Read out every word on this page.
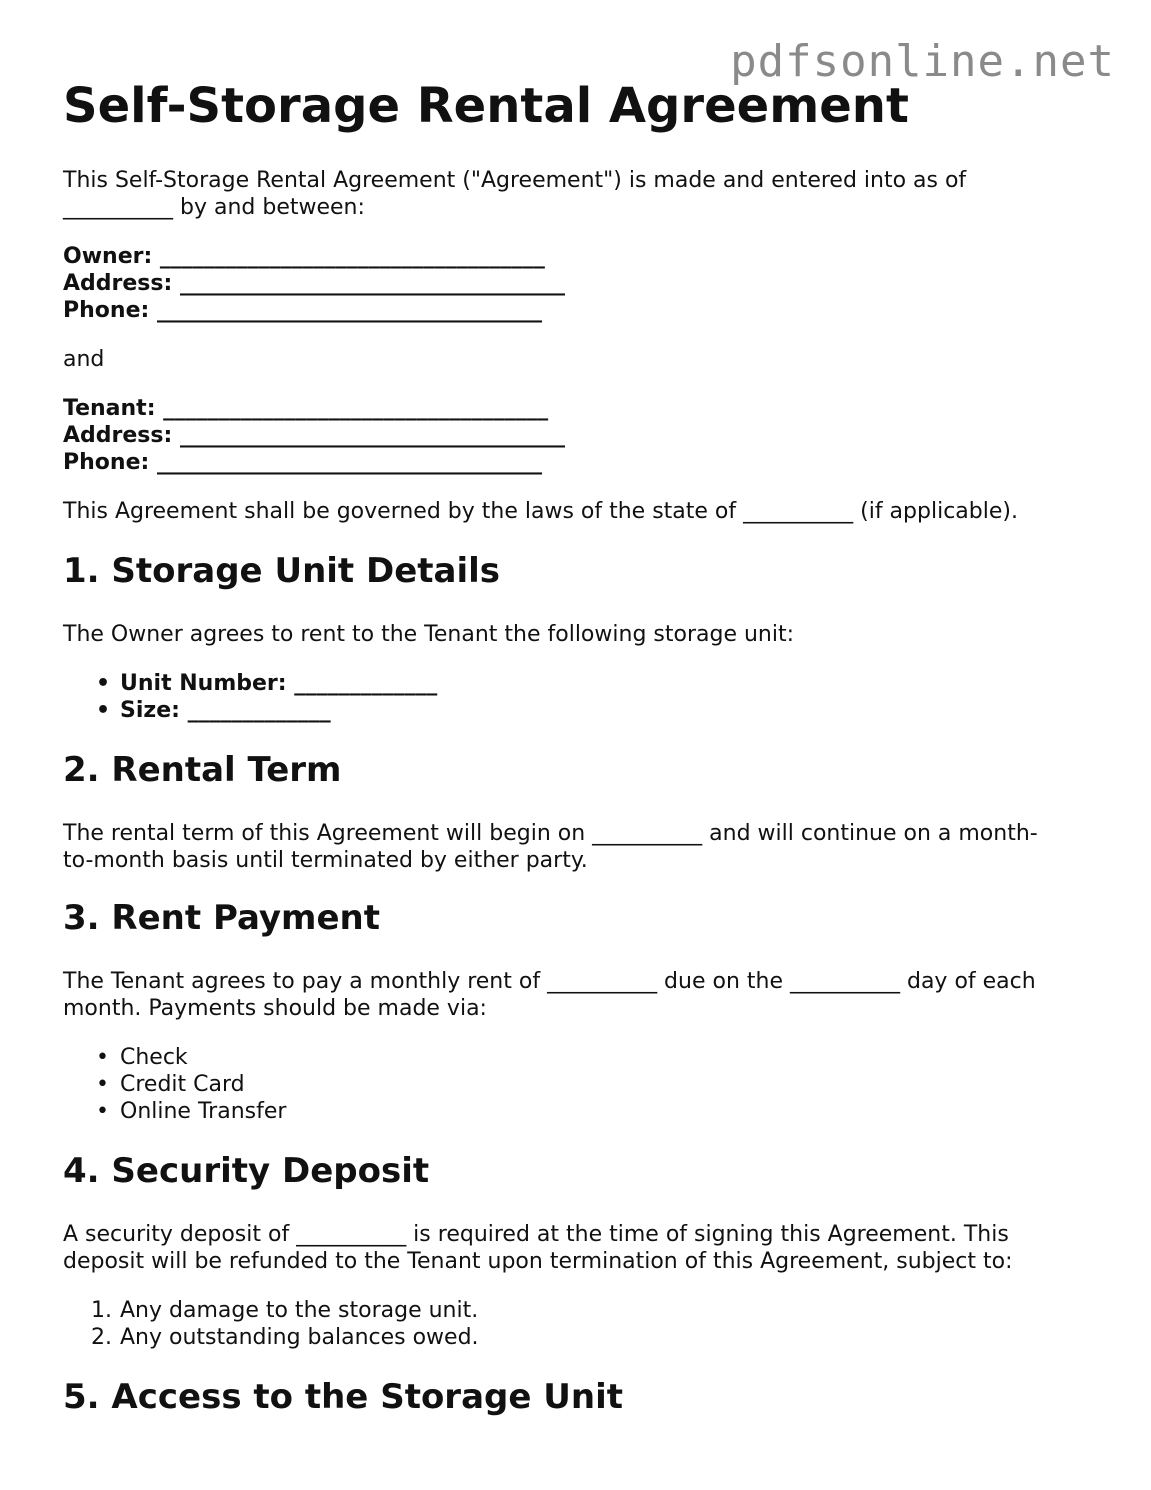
pdfsonline.net
Self-Storage Rental Agreement
This Self-Storage Rental Agreement ("Agreement") is made and entered into as of
__________ by and between:
Owner: ___________________________________
Address: ___________________________________
Phone: ___________________________________
and
Tenant: ___________________________________
Address: ___________________________________
Phone: ___________________________________
This Agreement shall be governed by the laws of the state of __________ (if applicable).
1. Storage Unit Details
The Owner agrees to rent to the Tenant the following storage unit:
• Unit Number: _____________
• Size: _____________
2. Rental Term
The rental term of this Agreement will begin on __________ and will continue on a month-
to-month basis until terminated by either party.
3. Rent Payment
The Tenant agrees to pay a monthly rent of __________ due on the __________ day of each
month. Payments should be made via:
• Check
• Credit Card
• Online Transfer
4. Security Deposit
A security deposit of __________ is required at the time of signing this Agreement. This
deposit will be refunded to the Tenant upon termination of this Agreement, subject to:
1. Any damage to the storage unit.
2. Any outstanding balances owed.
5. Access to the Storage Unit
